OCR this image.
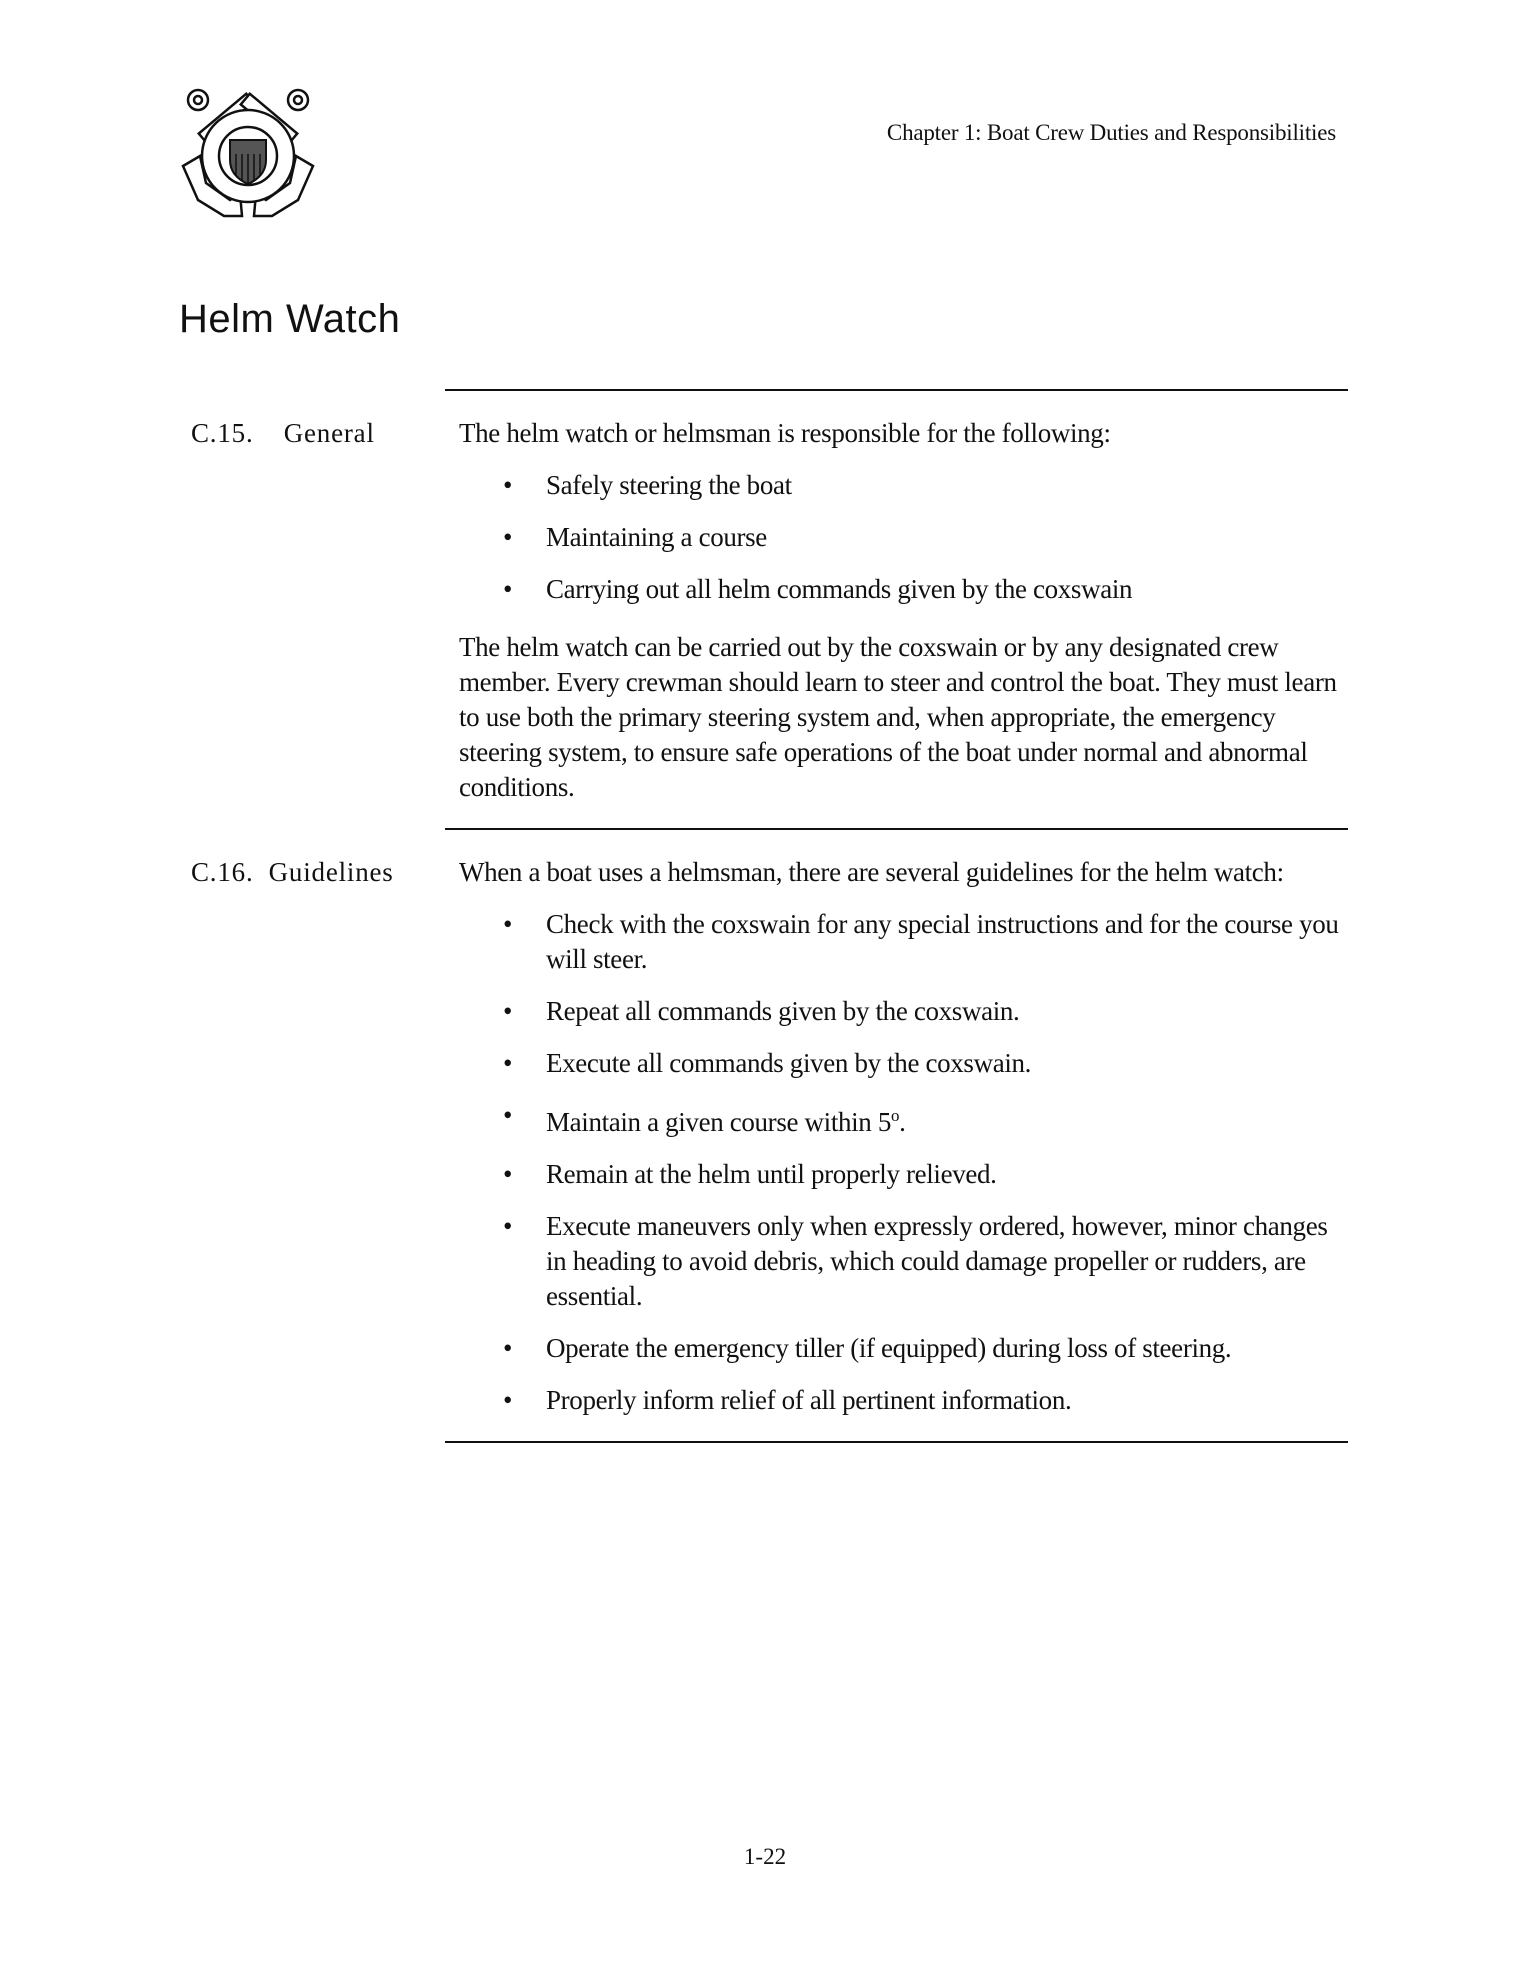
Chapter 1: Boat Crew Duties and Responsibilities
Helm Watch
C.15. General	The helm watch or helmsman is responsible for the following:

• Safely steering the boat
• Maintaining a course
• Carrying out all helm commands given by the coxswain

The helm watch can be carried out by the coxswain or by any designated crew member. Every crewman should learn to steer and control the boat. They must learn to use both the primary steering system and, when appropriate, the emergency steering system, to ensure safe operations of the boat under normal and abnormal conditions.

C.16. Guidelines When a boat uses a helmsman, there are several guidelines for the helm watch:

• Check with the coxswain for any special instructions and for the course you will steer.
• Repeat all commands given by the coxswain.
• Execute all commands given by the coxswain.
• Maintain a given course within 5$^o$.
• Remain at the helm until properly relieved.
• Execute maneuvers only when expressly ordered, however, minor changes in heading to avoid debris, which could damage propeller or rudders, are essential.
• Operate the emergency tiller (if equipped) during loss of steering.
• Properly inform relief of all pertinent information.
1-22
